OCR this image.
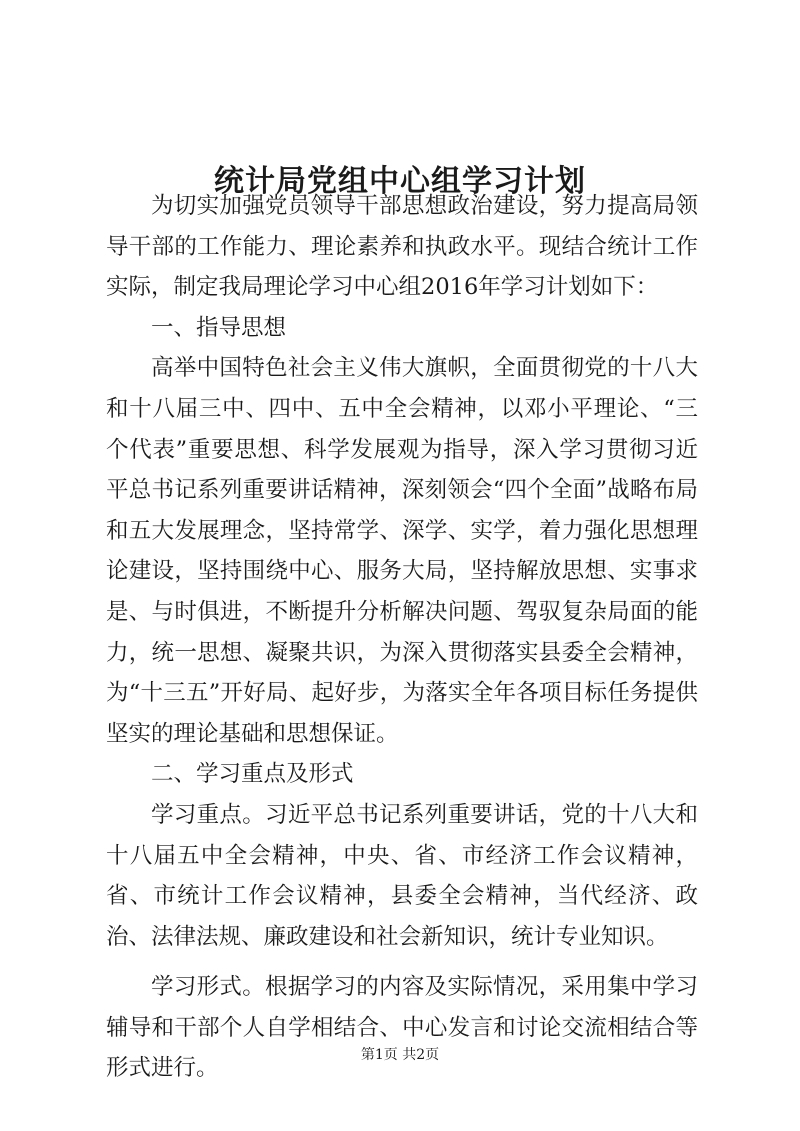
统计局党组中心组学习计划

为切实加强党员领导干部思想政治建设，努力提高局领导干部的工作能力、理论素养和执政水平。现结合统计工作实际，制定我局理论学习中心组2016年学习计划如下：

一、指导思想

高举中国特色社会主义伟大旗帜，全面贯彻党的十八大和十八届三中、四中、五中全会精神，以邓小平理论、“三个代表”重要思想、科学发展观为指导，深入学习贯彻习近平总书记系列重要讲话精神，深刻领会“四个全面”战略布局和五大发展理念，坚持常学、深学、实学，着力强化思想理论建设，坚持围绕中心、服务大局，坚持解放思想、实事求是、与时俱进，不断提升分析解决问题、驾驭复杂局面的能力，统一思想、凝聚共识，为深入贯彻落实县委全会精神，为“十三五”开好局、起好步，为落实全年各项目标任务提供坚实的理论基础和思想保证。

二、学习重点及形式

学习重点。习近平总书记系列重要讲话，党的十八大和十八届五中全会精神，中央、省、市经济工作会议精神，省、市统计工作会议精神，县委全会精神，当代经济、政治、法律法规、廉政建设和社会新知识，统计专业知识。

学习形式。根据学习的内容及实际情况，采用集中学习辅导和干部个人自学相结合、中心发言和讨论交流相结合等形式进行。

第1页 共2页
